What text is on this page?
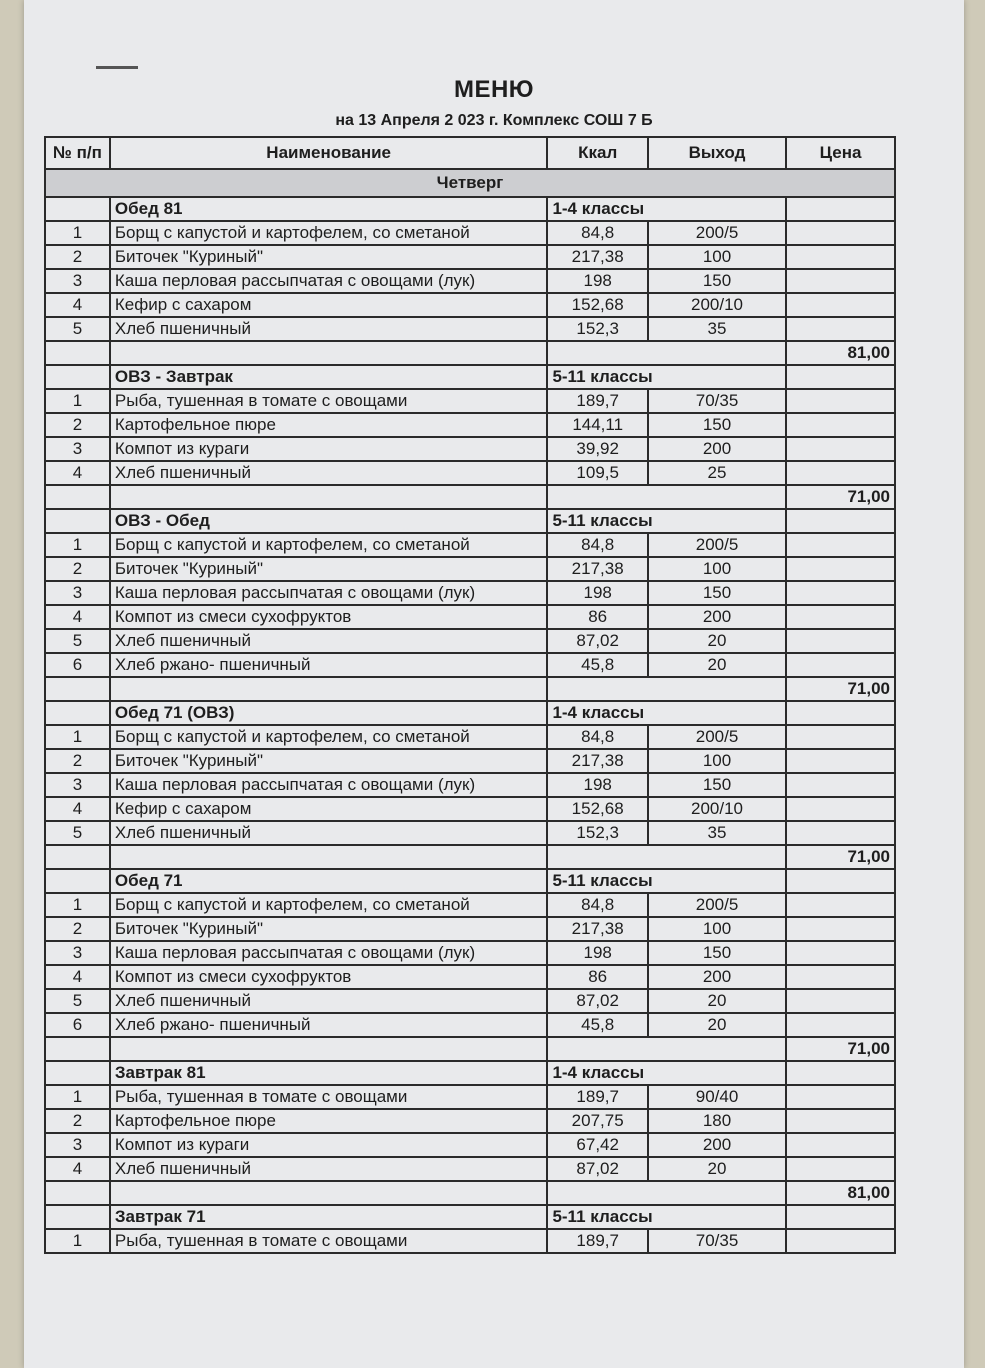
МЕНЮ
на 13 Апреля 2 023 г. Комплекс СОШ 7 Б
№ п/п	Наименование	Ккал	Выход	Цена
Четверг				
	Обед 81	1-4 классы		
1	Борщ с капустой и картофелем, со сметаной	84,8	200/5	
2	Биточек "Куриный"	217,38	100	
3	Каша перловая рассыпчатая с овощами (лук)	198	150	
4	Кефир с сахаром	152,68	200/10	
5	Хлеб пшеничный	152,3	35	
				81,00
	ОВЗ - Завтрак	5-11 классы		
1	Рыба, тушенная в томате с овощами	189,7	70/35	
2	Картофельное пюре	144,11	150	
3	Компот из кураги	39,92	200	
4	Хлеб пшеничный	109,5	25	
				71,00
	ОВЗ - Обед	5-11 классы		
1	Борщ с капустой и картофелем, со сметаной	84,8	200/5	
2	Биточек "Куриный"	217,38	100	
3	Каша перловая рассыпчатая с овощами (лук)	198	150	
4	Компот из смеси сухофруктов	86	200	
5	Хлеб пшеничный	87,02	20	
6	Хлеб ржано- пшеничный	45,8	20	
				71,00
	Обед 71 (ОВЗ)	1-4 классы		
1	Борщ с капустой и картофелем, со сметаной	84,8	200/5	
2	Биточек "Куриный"	217,38	100	
3	Каша перловая рассыпчатая с овощами (лук)	198	150	
4	Кефир с сахаром	152,68	200/10	
5	Хлеб пшеничный	152,3	35	
				71,00
	Обед 71	5-11 классы		
1	Борщ с капустой и картофелем, со сметаной	84,8	200/5	
2	Биточек "Куриный"	217,38	100	
3	Каша перловая рассыпчатая с овощами (лук)	198	150	
4	Компот из смеси сухофруктов	86	200	
5	Хлеб пшеничный	87,02	20	
6	Хлеб ржано- пшеничный	45,8	20	
				71,00
	Завтрак 81	1-4 классы		
1	Рыба, тушенная в томате с овощами	189,7	90/40	
2	Картофельное пюре	207,75	180	
3	Компот из кураги	67,42	200	
4	Хлеб пшеничный	87,02	20	
				81,00
	Завтрак 71	5-11 классы		
1	Рыба, тушенная в томате с овощами	189,7	70/35	
